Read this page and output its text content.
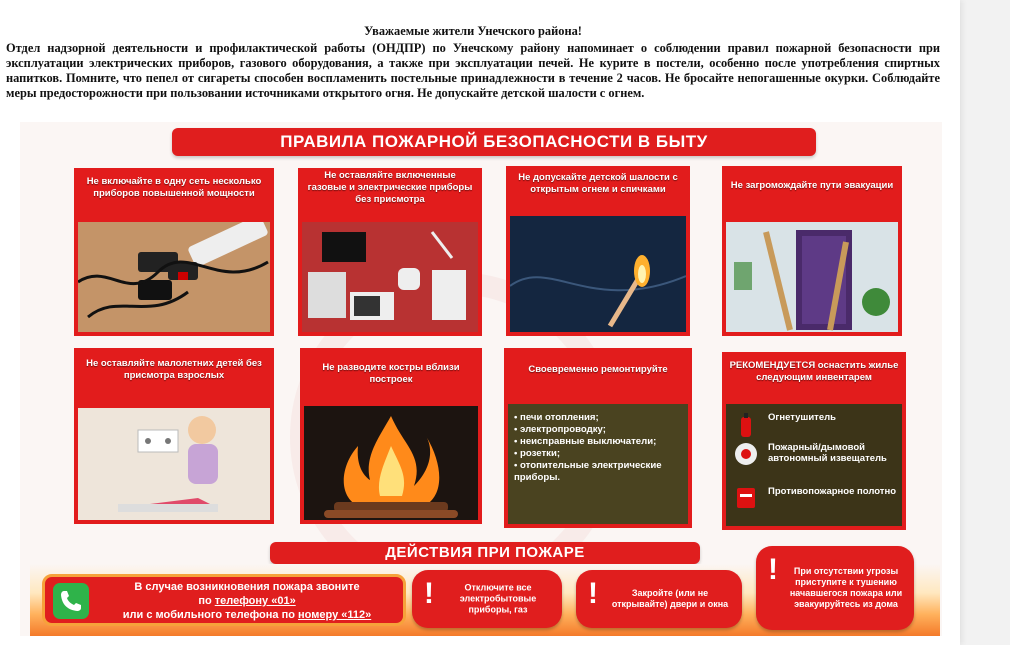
Уважаемые жители Унечского района!

Отдел надзорной деятельности и профилактической работы (ОНДПР) по Унечскому району напоминает о соблюдении правил пожарной безопасности при эксплуатации электрических приборов, газового оборудования, а также при эксплуатации печей. Не курите в постели, особенно после употребления спиртных напитков. Помните, что пепел от сигареты способен воспламенить постельные принадлежности в течение 2 часов. Не бросайте непогашенные окурки. Соблюдайте меры предосторожности при пользовании источниками открытого огня. Не допускайте детской шалости с огнем.

ПРАВИЛА ПОЖАРНОЙ БЕЗОПАСНОСТИ В БЫТУ
Не включайте в одну сеть несколько приборов повышенной мощности
Не оставляйте включенные газовые и электрические приборы без присмотра
Не допускайте детской шалости с открытым огнем и спичками	Не загромождайте пути эвакуации
Не оставляйте малолетних детей без присмотра взрослых
Не разводите костры вблизи построек
Своевременно ремонтируйте
• печи отопления;
• электропроводку;
• неисправные выключатели;
• розетки;
• отопительные электрические приборы.
РЕКОМЕНДУЕТСЯ оснастить жилье следующим инвентарем
Огнетушитель
Пожарный/дымовой автономный извещатель
Противопожарное полотно
ДЕЙСТВИЯ ПРИ ПОЖАРЕ
В случае возникновения пожара звоните
по телефону «01»
или с мобильного телефона по номеру «112»
!	Отключите все электробытовые приборы, газ	!	Закройте (или не открывайте) двери и окна
!	При отсутствии угрозы приступите к тушению начавшегося пожара или эвакуируйтесь из дома
